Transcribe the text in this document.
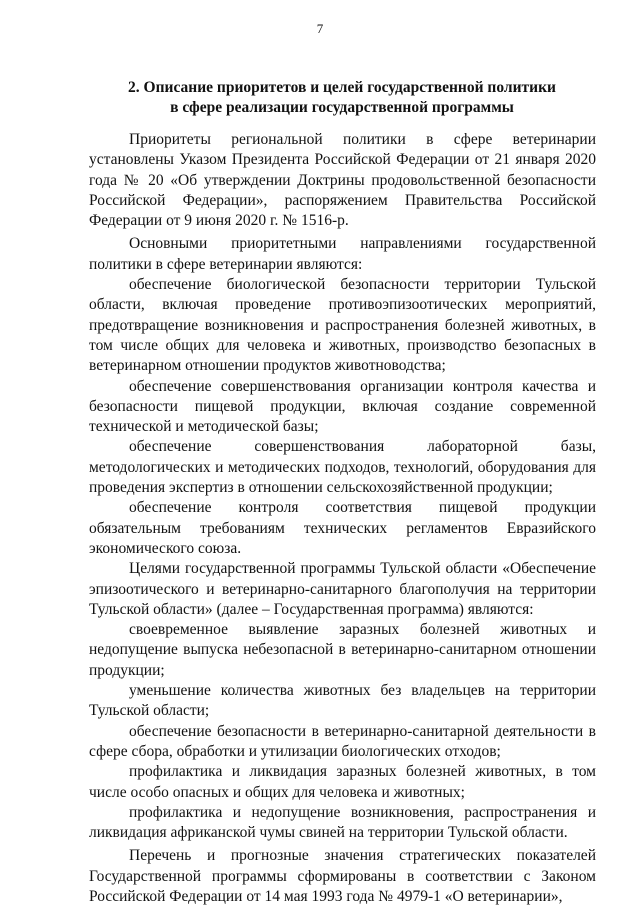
7
2. Описание приоритетов и целей государственной политики
в сфере реализации государственной программы

Приоритеты региональной политики в сфере ветеринарии установлены Указом Президента Российской Федерации от 21 января 2020 года № 20 «Об утверждении Доктрины продовольственной безопасности Российской Федерации», распоряжением Правительства Российской Федерации от 9 июня 2020 г. № 1516-р.

Основными приоритетными направлениями государственной политики в сфере ветеринарии являются:

обеспечение биологической безопасности территории Тульской области, включая проведение противоэпизоотических мероприятий, предотвращение возникновения и распространения болезней животных, в том числе общих для человека и животных, производство безопасных в ветеринарном отношении продуктов животноводства;

обеспечение совершенствования организации контроля качества и безопасности пищевой продукции, включая создание современной технической и методической базы;

обеспечение совершенствования лабораторной базы, методологических и методических подходов, технологий, оборудования для проведения экспертиз в отношении сельскохозяйственной продукции;

обеспечение контроля соответствия пищевой продукции обязательным требованиям технических регламентов Евразийского экономического союза.

Целями государственной программы Тульской области «Обеспечение эпизоотического и ветеринарно-санитарного благополучия на территории Тульской области» (далее – Государственная программа) являются:

своевременное выявление заразных болезней животных и недопущение выпуска небезопасной в ветеринарно-санитарном отношении продукции;

уменьшение количества животных без владельцев на территории Тульской области;

обеспечение безопасности в ветеринарно-санитарной деятельности в сфере сбора, обработки и утилизации биологических отходов;

профилактика и ликвидация заразных болезней животных, в том числе особо опасных и общих для человека и животных;

профилактика и недопущение возникновения, распространения и ликвидация африканской чумы свиней на территории Тульской области.

Перечень и прогнозные значения стратегических показателей Государственной программы сформированы в соответствии с Законом Российской Федерации от 14 мая 1993 года № 4979-1 «О ветеринарии»,
